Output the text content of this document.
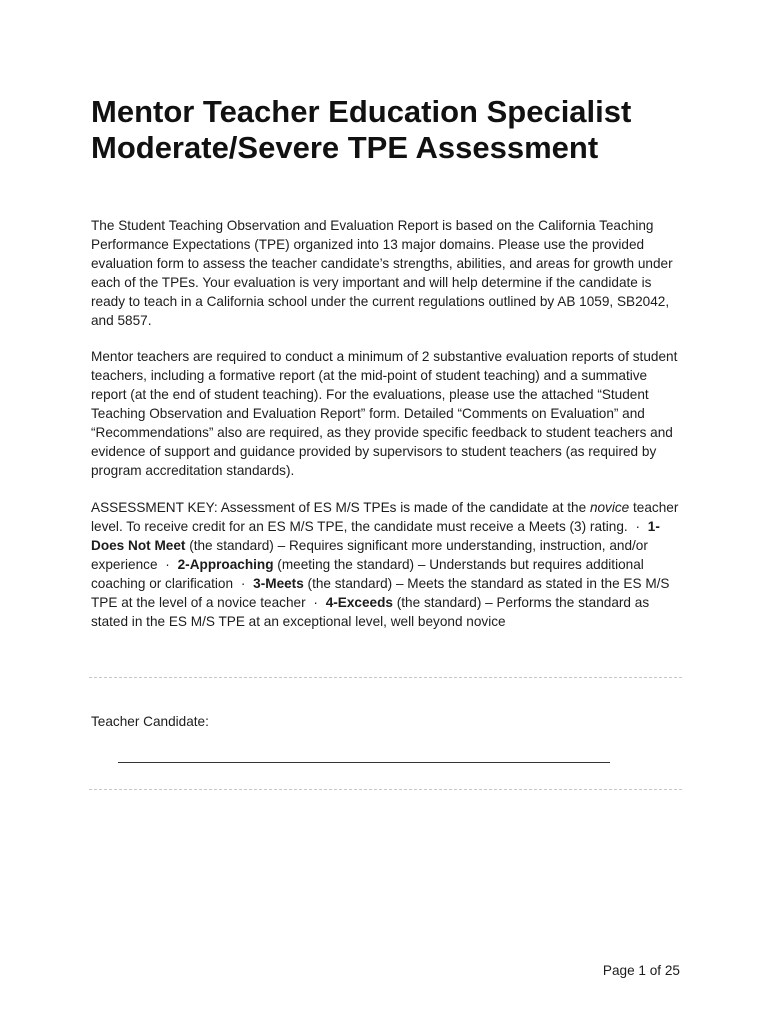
Mentor Teacher Education Specialist
Moderate/Severe TPE Assessment

The Student Teaching Observation and Evaluation Report is based on the California Teaching Performance Expectations (TPE) organized into 13 major domains. Please use the provided evaluation form to assess the teacher candidate’s strengths, abilities, and areas for growth under each of the TPEs. Your evaluation is very important and will help determine if the candidate is ready to teach in a California school under the current regulations outlined by AB 1059, SB2042, and 5857.

Mentor teachers are required to conduct a minimum of 2 substantive evaluation reports of student teachers, including a formative report (at the mid-point of student teaching) and a summative report (at the end of student teaching). For the evaluations, please use the attached “Student Teaching Observation and Evaluation Report” form. Detailed “Comments on Evaluation” and “Recommendations” also are required, as they provide specific feedback to student teachers and evidence of support and guidance provided by supervisors to student teachers (as required by program accreditation standards).

ASSESSMENT KEY: Assessment of ES M/S TPEs is made of the candidate at the novice teacher level. To receive credit for an ES M/S TPE, the candidate must receive a Meets (3) rating. · 1-Does Not Meet (the standard) – Requires significant more understanding, instruction, and/or experience · 2-Approaching (meeting the standard) – Understands but requires additional coaching or clarification · 3-Meets (the standard) – Meets the standard as stated in the ES M/S TPE at the level of a novice teacher · 4-Exceeds (the standard) – Performs the standard as stated in the ES M/S TPE at an exceptional level, well beyond novice

Teacher Candidate:
Page 1 of 25
